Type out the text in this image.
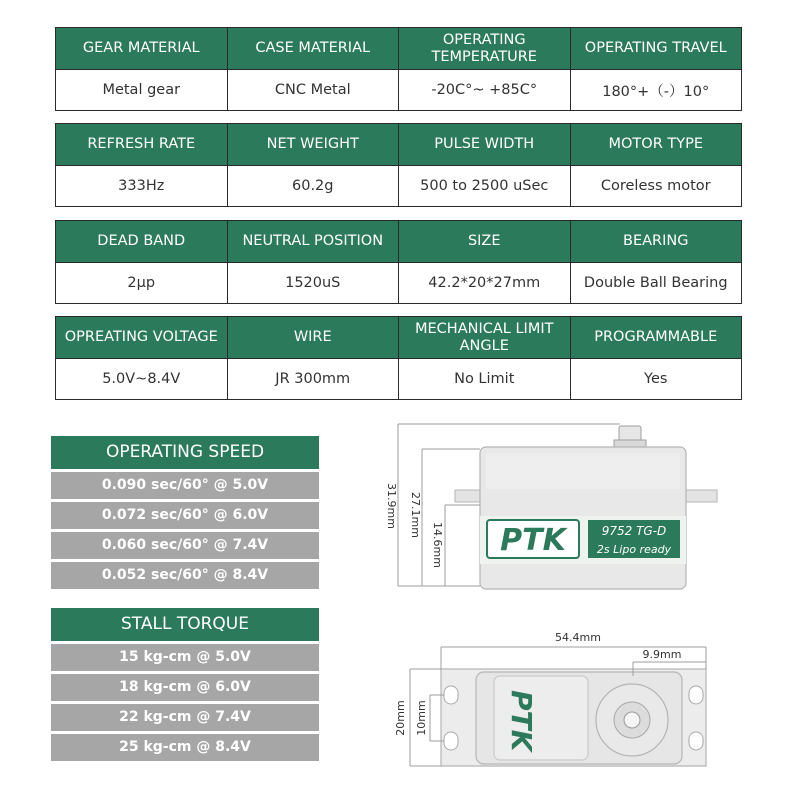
GEAR MATERIAL	CASE MATERIAL	OPERATING TEMPERATURE	OPERATING TRAVEL
Metal gear	CNC Metal	-20C°~ +85C°	180°+（-）10°
REFRESH RATE	NET WEIGHT	PULSE WIDTH	MOTOR TYPE
333Hz	60.2g	500 to 2500 uSec	Coreless motor
DEAD BAND	NEUTRAL POSITION	SIZE	BEARING
2μp	1520uS	42.2*20*27mm	Double Ball Bearing
OPREATING VOLTAGE	WIRE	MECHANICAL LIMIT ANGLE	PROGRAMMABLE
5.0V~8.4V	JR 300mm	No Limit	Yes
OPERATING SPEED
0.090 sec/60° @ 5.0V
0.072 sec/60° @ 6.0V
0.060 sec/60° @ 7.4V
0.052 sec/60° @ 8.4V
STALL TORQUE
15 kg-cm @ 5.0V
18 kg-cm @ 6.0V
22 kg-cm @ 7.4V
25 kg-cm @ 8.4V
PTK	9752 TG-D
2s Lipo ready
31.9mm 27.1mm
14.6mm
PTK
54.4mm
9.9mm
20mm 10mm
